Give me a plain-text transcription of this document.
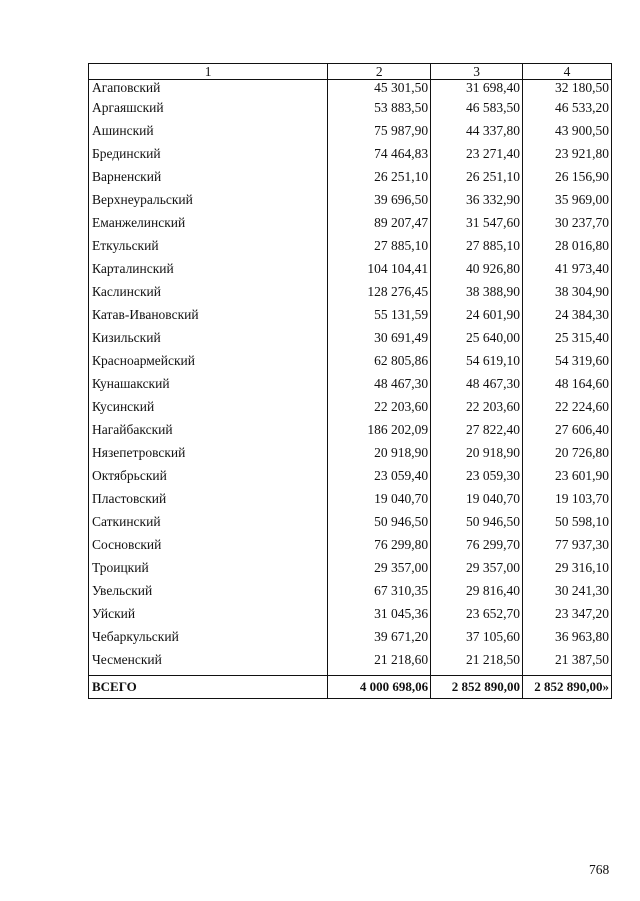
1	2	3	4
Агаповский	45 301,50	31 698,40	32 180,50
Аргаяшский	53 883,50	46 583,50	46 533,20
Ашинский	75 987,90	44 337,80	43 900,50
Брединский	74 464,83	23 271,40	23 921,80
Варненский	26 251,10	26 251,10	26 156,90
Верхнеуральский	39 696,50	36 332,90	35 969,00
Еманжелинский	89 207,47	31 547,60	30 237,70
Еткульский	27 885,10	27 885,10	28 016,80
Карталинский	104 104,41	40 926,80	41 973,40
Каслинский	128 276,45	38 388,90	38 304,90
Катав-Ивановский	55 131,59	24 601,90	24 384,30
Кизильский	30 691,49	25 640,00	25 315,40
Красноармейский	62 805,86	54 619,10	54 319,60
Кунашакский	48 467,30	48 467,30	48 164,60
Кусинский	22 203,60	22 203,60	22 224,60
Нагайбакский	186 202,09	27 822,40	27 606,40
Нязепетровский	20 918,90	20 918,90	20 726,80
Октябрьский	23 059,40	23 059,30	23 601,90
Пластовский	19 040,70	19 040,70	19 103,70
Саткинский	50 946,50	50 946,50	50 598,10
Сосновский	76 299,80	76 299,70	77 937,30
Троицкий	29 357,00	29 357,00	29 316,10
Увельский	67 310,35	29 816,40	30 241,30
Уйский	31 045,36	23 652,70	23 347,20
Чебаркульский	39 671,20	37 105,60	36 963,80
Чесменский	21 218,60	21 218,50	21 387,50
ВСЕГО	4 000 698,06	2 852 890,00	2 852 890,00»
768
